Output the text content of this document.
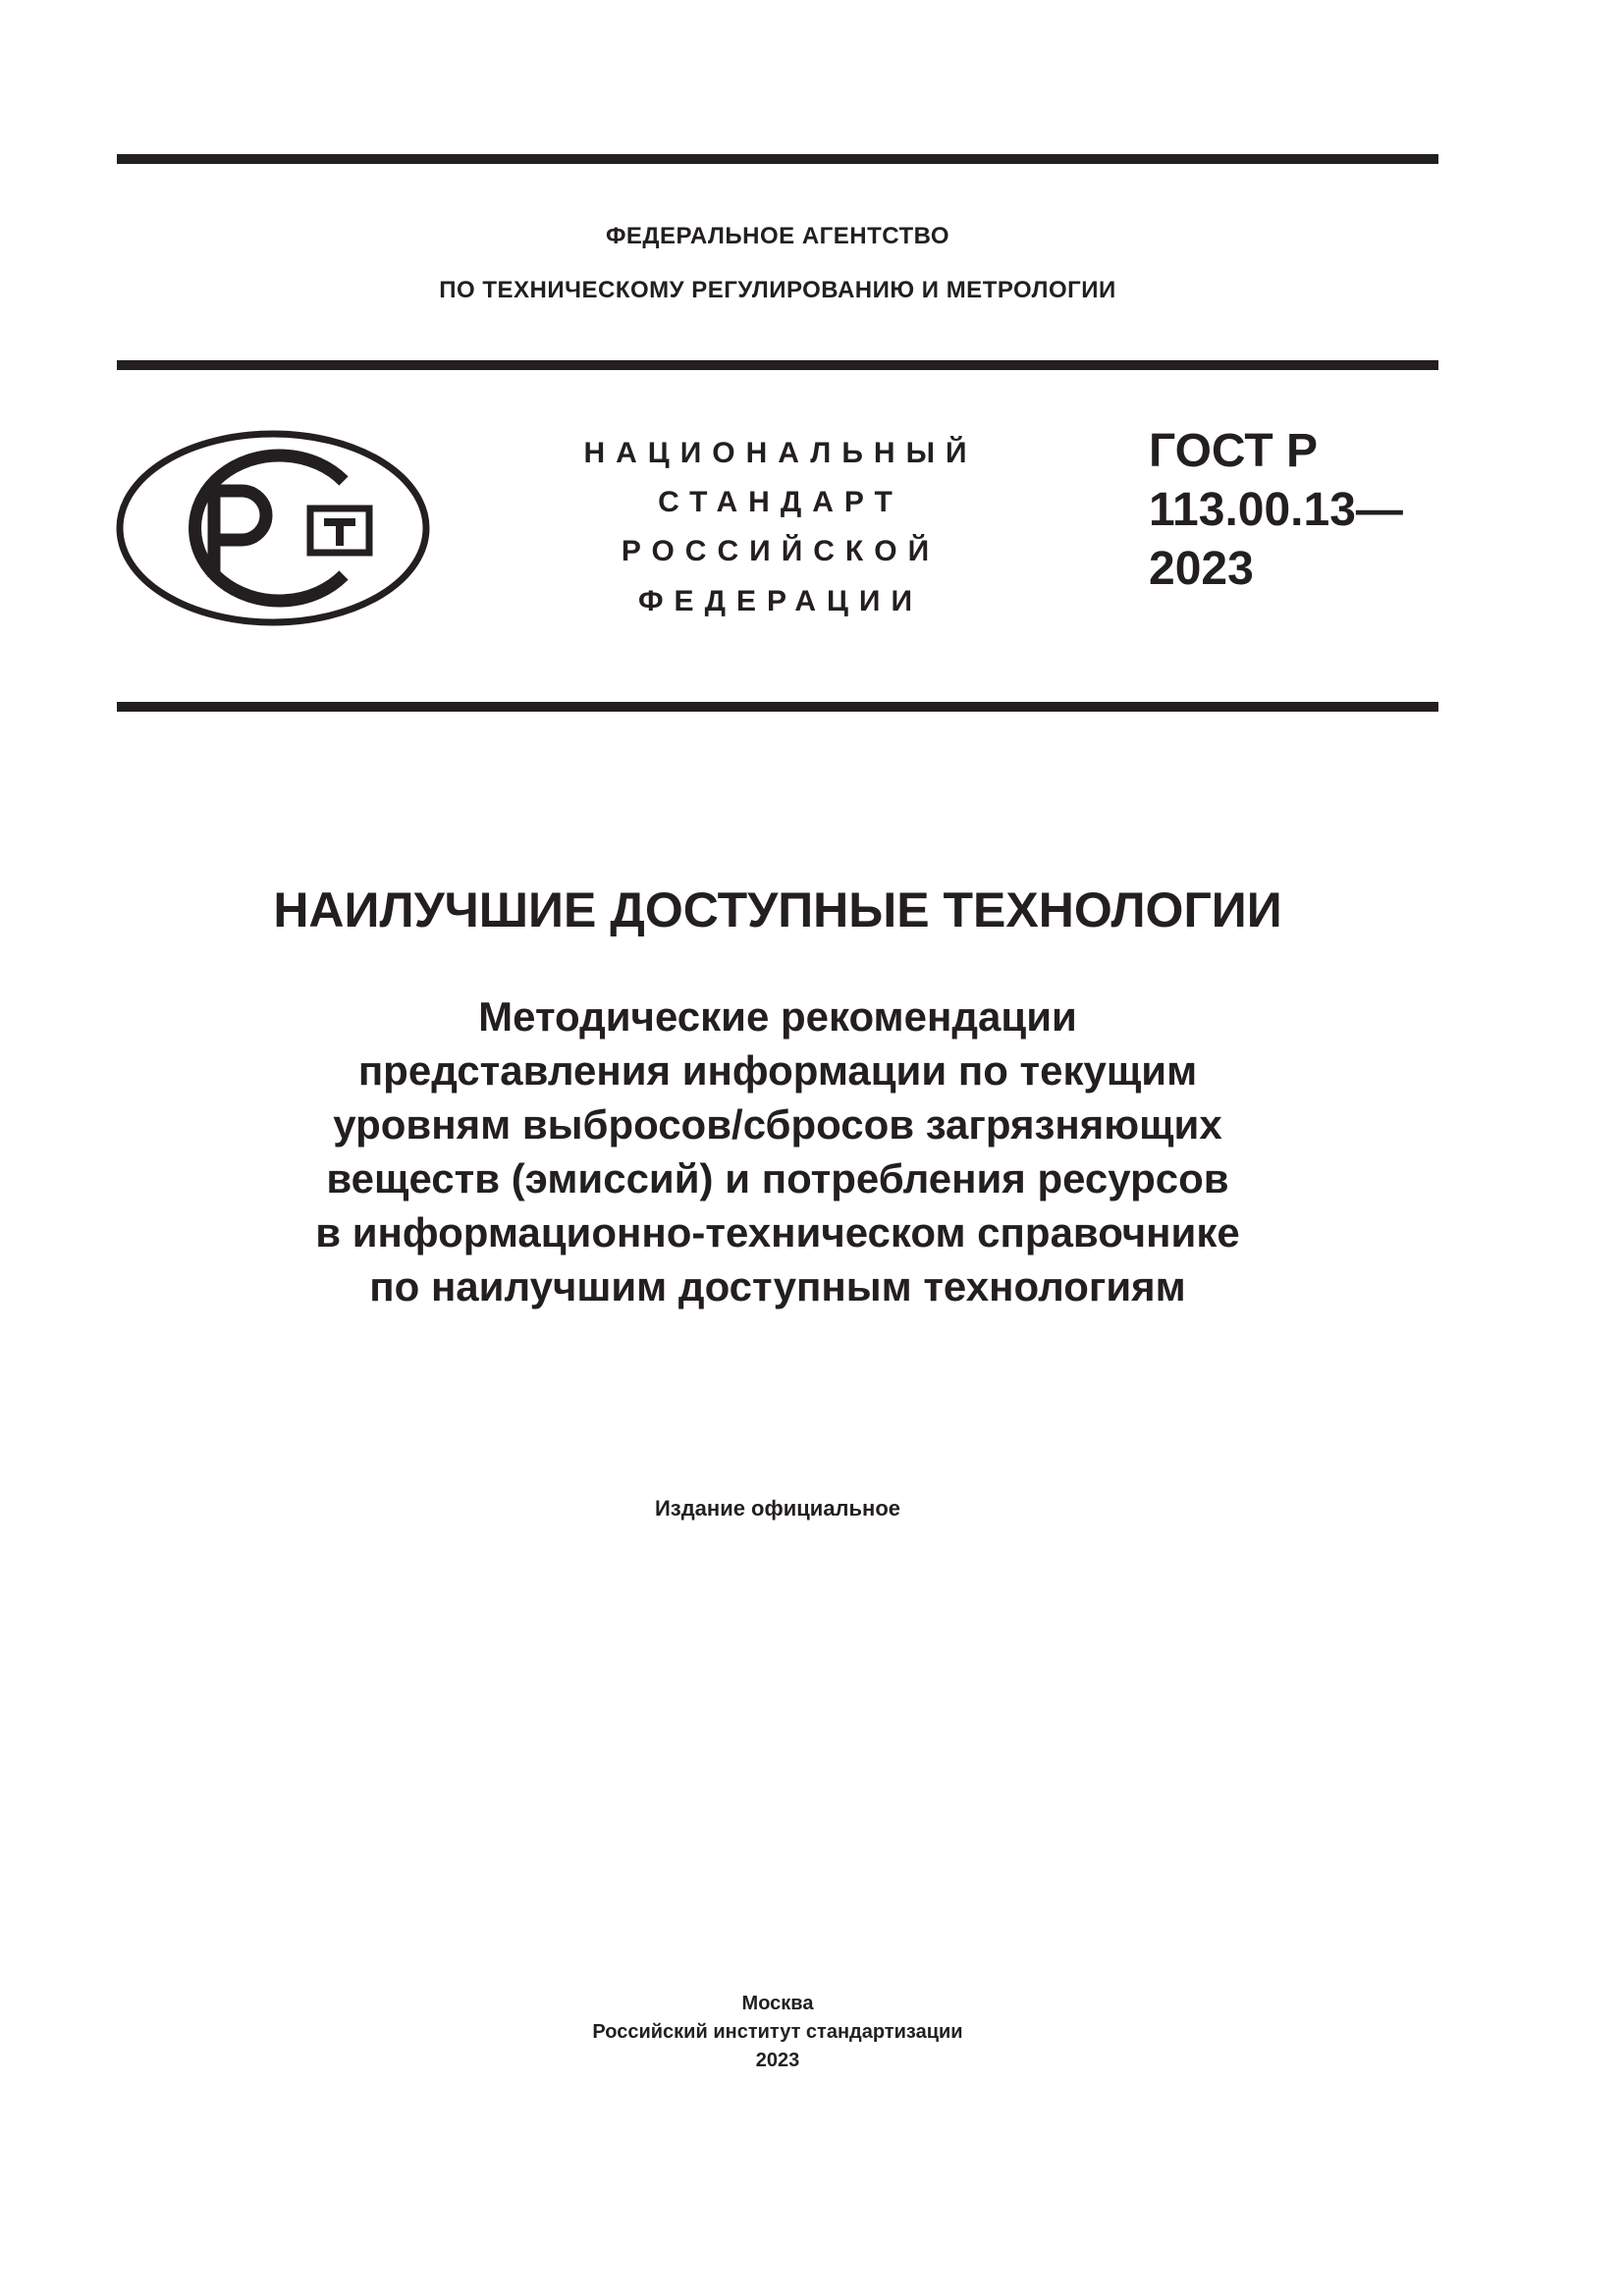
ФЕДЕРАЛЬНОЕ АГЕНТСТВО
ПО ТЕХНИЧЕСКОМУ РЕГУЛИРОВАНИЮ И МЕТРОЛОГИИ
НАЦИОНАЛЬНЫЙ
СТАНДАРТ
РОССИЙСКОЙ
ФЕДЕРАЦИИ
ГОСТ Р
113.00.13—
2023
НАИЛУЧШИЕ ДОСТУПНЫЕ ТЕХНОЛОГИИ
Методические рекомендации
представления информации по текущим
уровням выбросов/сбросов загрязняющих
веществ (эмиссий) и потребления ресурсов
в информационно-техническом справочнике
по наилучшим доступным технологиям
Издание официальное
Москва
Российский институт стандартизации
2023
